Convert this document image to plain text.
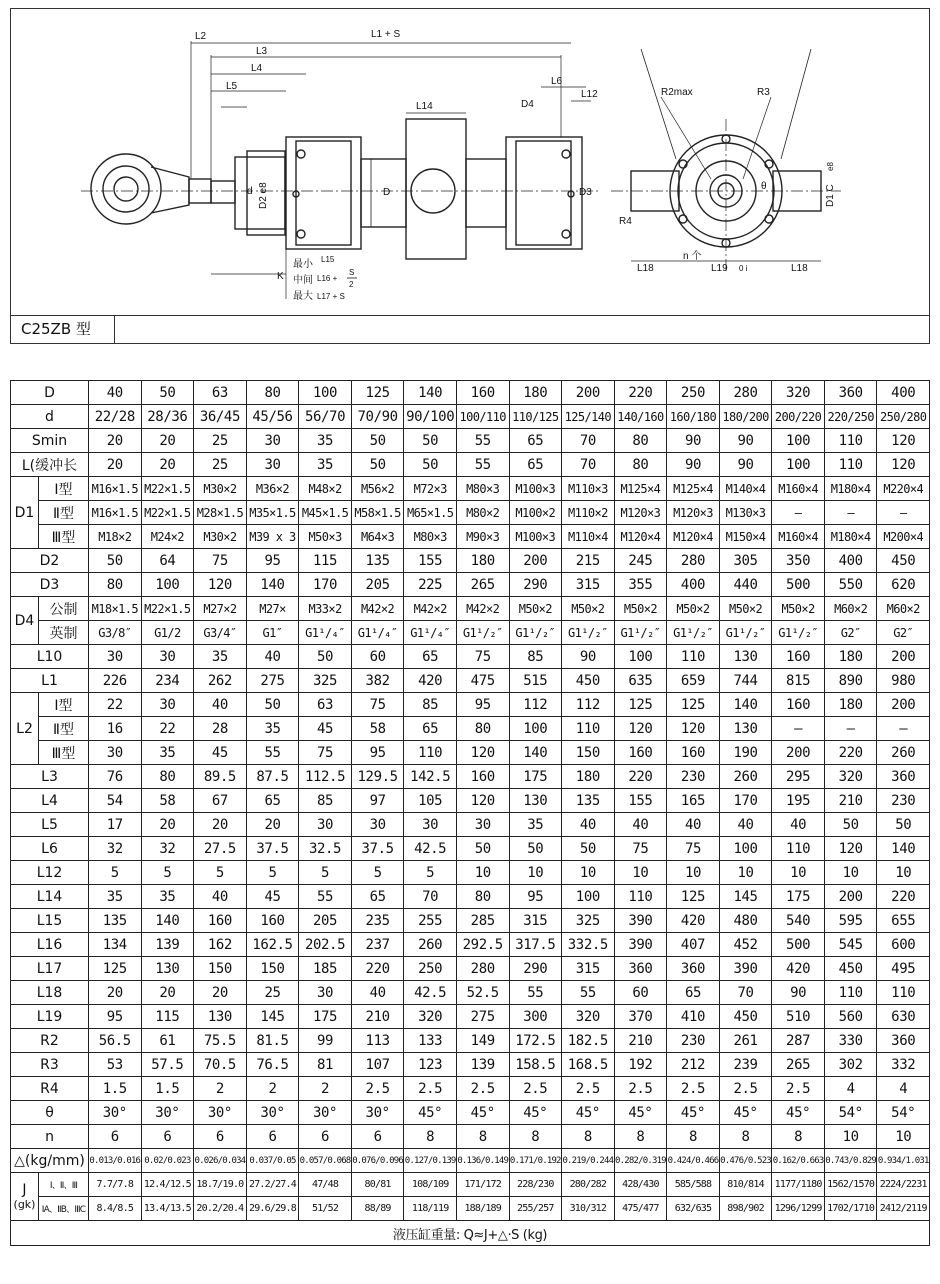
L2	L1 + S
L3
L4
L5	L6
L12
L14	D4
d D2 e8	D	D3
K
最小 L15
中间 L16 +
S
2
最大 L17 + S
R2max	R3
R4
θ	D1 C
e8
n 个
L18	L19 0 i	L18
C25ZB 型
D		40	50	63	80	100	125	140	160	180	200	220	250	280	320	360	400
d		22/28	28/36	36/45	45/56	56/70	70/90	90/100	100/110	110/125	125/140	140/160	160/180	180/200	200/220	220/250	250/280
Smin		20	20	25	30	35	50	50	55	65	70	80	90	90	100	110	120
L(缓冲长		20	20	25	30	35	50	50	55	65	70	80	90	90	100	110	120
D1	Ⅰ型	M16×1.5	M22×1.5	M30×2	M36×2	M48×2	M56×2	M72×3	M80×3	M100×3	M110×3	M125×4	M125×4	M140×4	M160×4	M180×4	M220×4
	Ⅱ型	M16×1.5	M22×1.5	M28×1.5	M35×1.5	M45×1.5	M58×1.5	M65×1.5	M80×2	M100×2	M110×2	M120×3	M120×3	M130×3	–	–	–
	Ⅲ型	M18×2	M24×2	M30×2	M39 x 3	M50×3	M64×3	M80×3	M90×3	M100×3	M110×4	M120×4	M120×4	M150×4	M160×4	M180×4	M200×4
D2		50	64	75	95	115	135	155	180	200	215	245	280	305	350	400	450
D3		80	100	120	140	170	205	225	265	290	315	355	400	440	500	550	620
D4	公制	M18×1.5	M22×1.5	M27×2	M27×	M33×2	M42×2	M42×2	M42×2	M50×2	M50×2	M50×2	M50×2	M50×2	M50×2	M60×2	M60×2
	英制	G3/8″	G1/2	G3/4″	G1″	G1¹/₄″	G1¹/₄″	G1¹/₄″	G1¹/₂″	G1¹/₂″	G1¹/₂″	G1¹/₂″	G1¹/₂″	G1¹/₂″	G1¹/₂″	G2″	G2″
L10		30	30	35	40	50	60	65	75	85	90	100	110	130	160	180	200
L1		226	234	262	275	325	382	420	475	515	450	635	659	744	815	890	980
L2	Ⅰ型	22	30	40	50	63	75	85	95	112	112	125	125	140	160	180	200
	Ⅱ型	16	22	28	35	45	58	65	80	100	110	120	120	130	–	–	–
	Ⅲ型	30	35	45	55	75	95	110	120	140	150	160	160	190	200	220	260
L3		76	80	89.5	87.5	112.5	129.5	142.5	160	175	180	220	230	260	295	320	360
L4		54	58	67	65	85	97	105	120	130	135	155	165	170	195	210	230
L5		17	20	20	20	30	30	30	30	35	40	40	40	40	40	50	50
L6		32	32	27.5	37.5	32.5	37.5	42.5	50	50	50	75	75	100	110	120	140
L12		5	5	5	5	5	5	5	10	10	10	10	10	10	10	10	10
L14		35	35	40	45	55	65	70	80	95	100	110	125	145	175	200	220
L15		135	140	160	160	205	235	255	285	315	325	390	420	480	540	595	655
L16		134	139	162	162.5	202.5	237	260	292.5	317.5	332.5	390	407	452	500	545	600
L17		125	130	150	150	185	220	250	280	290	315	360	360	390	420	450	495
L18		20	20	20	25	30	40	42.5	52.5	55	55	60	65	70	90	110	110
L19		95	115	130	145	175	210	320	275	300	320	370	410	450	510	560	630
R2		56.5	61	75.5	81.5	99	113	133	149	172.5	182.5	210	230	261	287	330	360
R3		53	57.5	70.5	76.5	81	107	123	139	158.5	168.5	192	212	239	265	302	332
R4		1.5	1.5	2	2	2	2.5	2.5	2.5	2.5	2.5	2.5	2.5	2.5	2.5	4	4
θ		30°	30°	30°	30°	30°	30°	45°	45°	45°	45°	45°	45°	45°	45°	54°	54°
n		6	6	6	6	6	6	8	8	8	8	8	8	8	8	10	10
△(kg/mm)		0.013/0.016	0.02/0.023	0.026/0.034	0.037/0.05	0.057/0.068	0.076/0.096	0.127/0.139	0.136/0.149	0.171/0.192	0.219/0.244	0.282/0.319	0.424/0.466	0.476/0.523	0.162/0.663	0.743/0.829	0.934/1.031

J
(gk)	Ⅰ、Ⅱ、Ⅲ	7.7/7.8	12.4/12.5	18.7/19.0	27.2/27.4	47/48	80/81	108/109	171/172	228/230	280/282	428/430	585/588	810/814	1177/1180	1562/1570	2224/2231
	ⅠA、ⅡB、ⅢC	8.4/8.5	13.4/13.5	20.2/20.4	29.6/29.8	51/52	88/89	118/119	188/189	255/257	310/312	475/477	632/635	898/902	1296/1299	1702/1710	2412/2119
液压缸重量: Q≈J+△·S (kg)																	
